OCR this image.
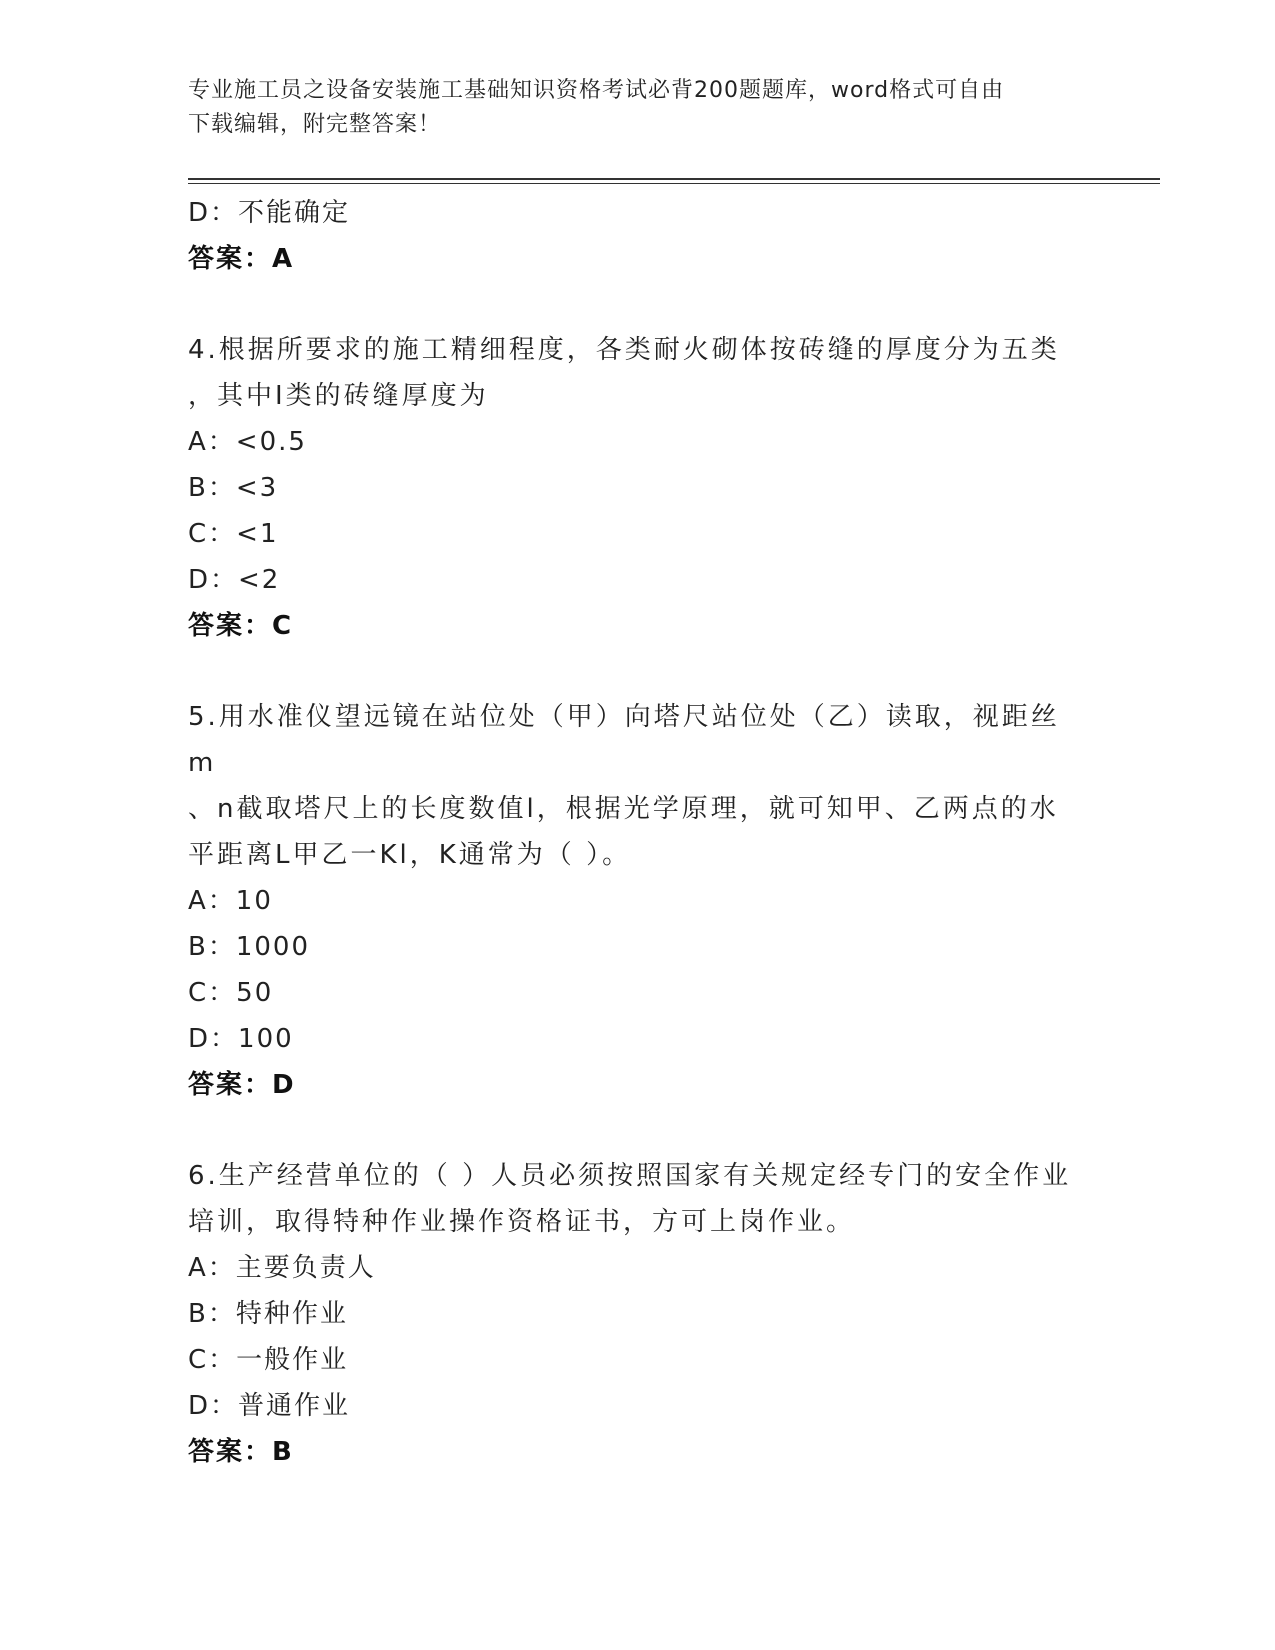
专业施工员之设备安装施工基础知识资格考试必背200题题库，word格式可自由
下载编辑，附完整答案！
D：不能确定
答案：A
4.根据所要求的施工精细程度，各类耐火砌体按砖缝的厚度分为五类
，其中Ⅰ类的砖缝厚度为
A：<0.5
B：<3
C：<1
D：<2
答案：C
5.用水准仪望远镜在站位处（甲）向塔尺站位处（乙）读取，视距丝m
、n截取塔尺上的长度数值l，根据光学原理，就可知甲、乙两点的水
平距离L甲乙一Kl，K通常为（ ）。
A：10
B：1000
C：50
D：100
答案：D
6.生产经营单位的（ ）人员必须按照国家有关规定经专门的安全作业
培训，取得特种作业操作资格证书，方可上岗作业。
A：主要负责人
B：特种作业
C：一般作业
D：普通作业
答案：B
